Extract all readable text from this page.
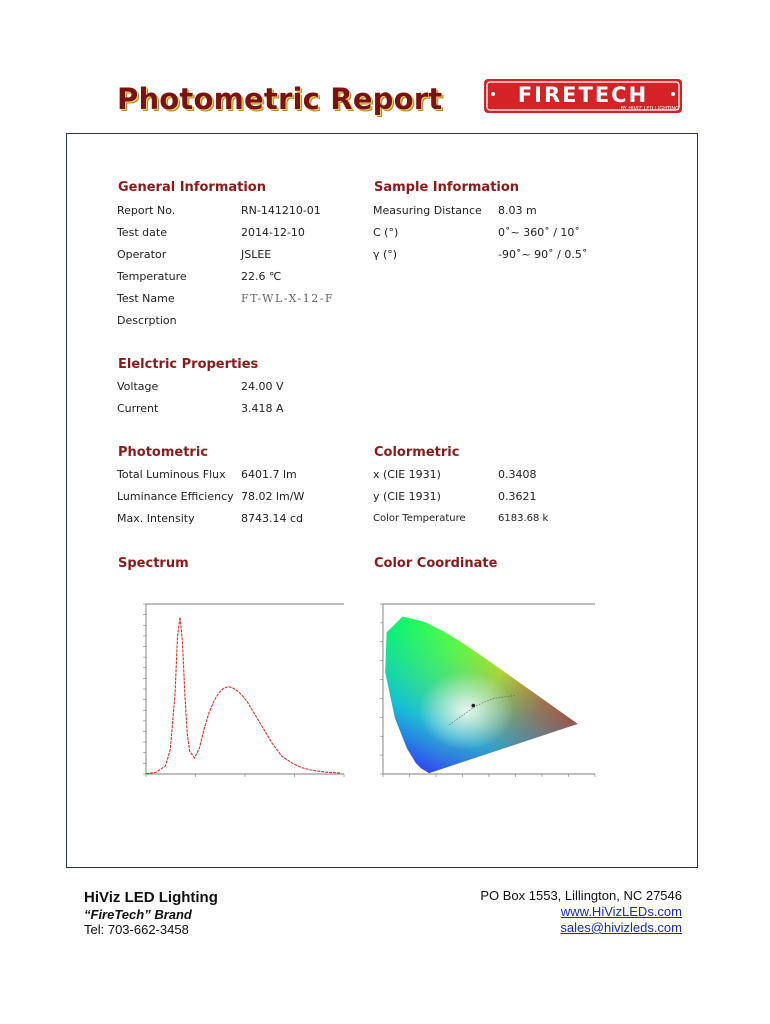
Photometric Report	FIRETECH
BY HIVIZ LED LIGHTING
General Information
Report No.	RN-141210-01
Test date	2014-12-10
Operator	JSLEE
Temperature	22.6 ℃
Test Name	FT-WL-X-12-F
Descrption
Sample Information
Measuring Distance 8.03 m
C (°)	0˚~ 360˚ / 10˚
γ (°)	-90˚~ 90˚ / 0.5˚
Elelctric Properties
Voltage	24.00 V
Current	3.418 A
Photometric
Total Luminous Flux 6401.7 lm
Luminance Efficiency 78.02 lm/W
Max. Intensity	8743.14 cd
Colormetric
x (CIE 1931)	0.3408
y (CIE 1931)	0.3621
Color Temperature	6183.68 k
Spectrum	Color Coordinate
HiViz LED Lighting
“FireTech” Brand
Tel: 703-662-3458
PO Box 1553, Lillington, NC 27546
www.HiVizLEDs.com
sales@hivizleds.com
